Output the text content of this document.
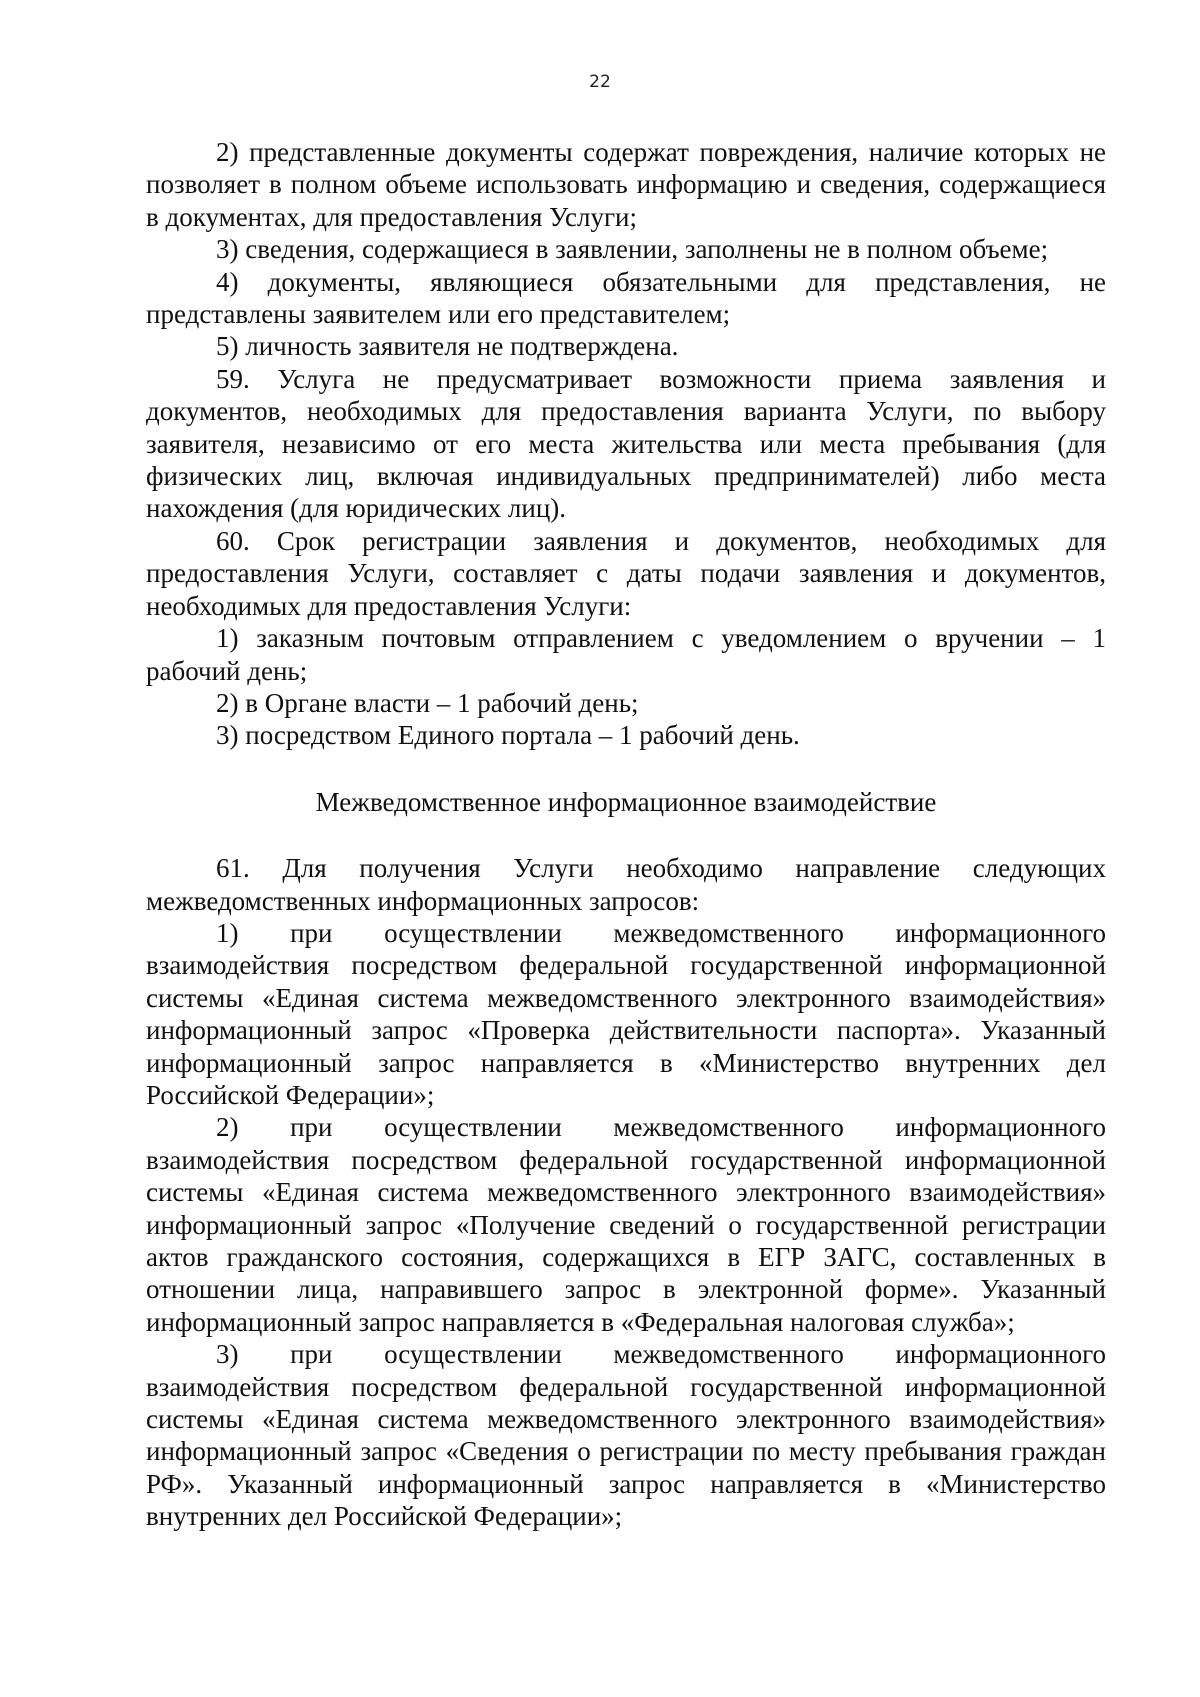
22

2) представленные документы содержат повреждения, наличие которых не позволяет в полном объеме использовать информацию и сведения, содержащиеся в документах, для предоставления Услуги;

3) сведения, содержащиеся в заявлении, заполнены не в полном объеме;

4) документы, являющиеся обязательными для представления, не представлены заявителем или его представителем;

5) личность заявителя не подтверждена.

59. Услуга не предусматривает возможности приема заявления и документов, необходимых для предоставления варианта Услуги, по выбору заявителя, независимо от его места жительства или места пребывания (для физических лиц, включая индивидуальных предпринимателей) либо места нахождения (для юридических лиц).

60. Срок регистрации заявления и документов, необходимых для предоставления Услуги, составляет с даты подачи заявления и документов, необходимых для предоставления Услуги:

1) заказным почтовым отправлением с уведомлением о вручении – 1 рабочий день;

2) в Органе власти – 1 рабочий день;

3) посредством Единого портала – 1 рабочий день.

Межведомственное информационное взаимодействие

61. Для получения Услуги необходимо направление следующих межведомственных информационных запросов:

1) при осуществлении межведомственного информационного взаимодействия посредством федеральной государственной информационной системы «Единая система межведомственного электронного взаимодействия» информационный запрос «Проверка действительности паспорта». Указанный информационный запрос направляется в «Министерство внутренних дел Российской Федерации»;

2) при осуществлении межведомственного информационного взаимодействия посредством федеральной государственной информационной системы «Единая система межведомственного электронного взаимодействия» информационный запрос «Получение сведений о государственной регистрации актов гражданского состояния, содержащихся в ЕГР ЗАГС, составленных в отношении лица, направившего запрос в электронной форме». Указанный информационный запрос направляется в «Федеральная налоговая служба»;

3) при осуществлении межведомственного информационного взаимодействия посредством федеральной государственной информационной системы «Единая система межведомственного электронного взаимодействия» информационный запрос «Сведения о регистрации по месту пребывания граждан РФ». Указанный информационный запрос направляется в «Министерство внутренних дел Российской Федерации»;
